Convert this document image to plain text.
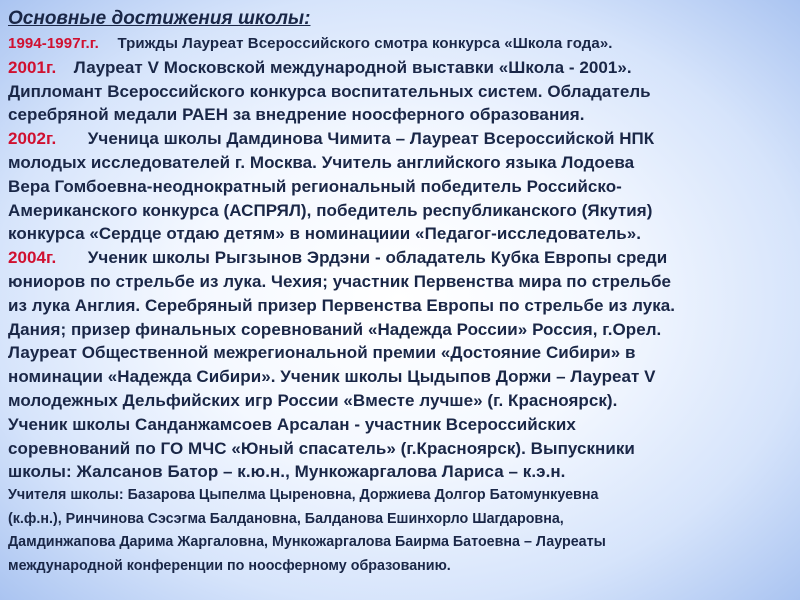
Основные достижения школы:
1994-1997г.г. Трижды Лауреат Всероссийского смотра конкурса «Школа года».
2001г. Лауреат V Московской международной выставки «Школа - 2001».
Дипломант Всероссийского конкурса воспитательных систем. Обладатель
серебряной медали РАЕН за внедрение ноосферного образования.
2002г. Ученица школы Дамдинова Чимита – Лауреат Всероссийской НПК
молодых исследователей г. Москва. Учитель английского языка Лодоева
Вера Гомбоевна-неоднократный региональный победитель Российско-
Американского конкурса (АСПРЯЛ), победитель республиканского (Якутия)
конкурса «Сердце отдаю детям» в номинациии «Педагог-исследователь».
2004г. Ученик школы Рыгзынов Эрдэни - обладатель Кубка Европы среди
юниоров по стрельбе из лука. Чехия; участник Первенства мира по стрельбе
из лука Англия. Серебряный призер Первенства Европы по стрельбе из лука.
Дания; призер финальных соревнований «Надежда России» Россия, г.Орел.
Лауреат Общественной межрегиональной премии «Достояние Сибири» в
номинации «Надежда Сибири». Ученик школы Цыдыпов Доржи – Лауреат V
молодежных Дельфийских игр России «Вместе лучше» (г. Красноярск).
Ученик школы Санданжамсоев Арсалан - участник Всероссийских
соревнований по ГО МЧС «Юный спасатель» (г.Красноярск). Выпускники
школы: Жалсанов Батор – к.ю.н., Мункожаргалова Лариса – к.э.н.
Учителя школы: Базарова Цыпелма Цыреновна, Доржиева Долгор Батомункуевна
(к.ф.н.), Ринчинова Сэсэгма Балдановна, Балданова Ешинхорло Шагдаровна,
Дамдинжапова Дарима Жаргаловна, Мункожаргалова Баирма Батоевна – Лауреаты
международной конференции по ноосферному образованию.
